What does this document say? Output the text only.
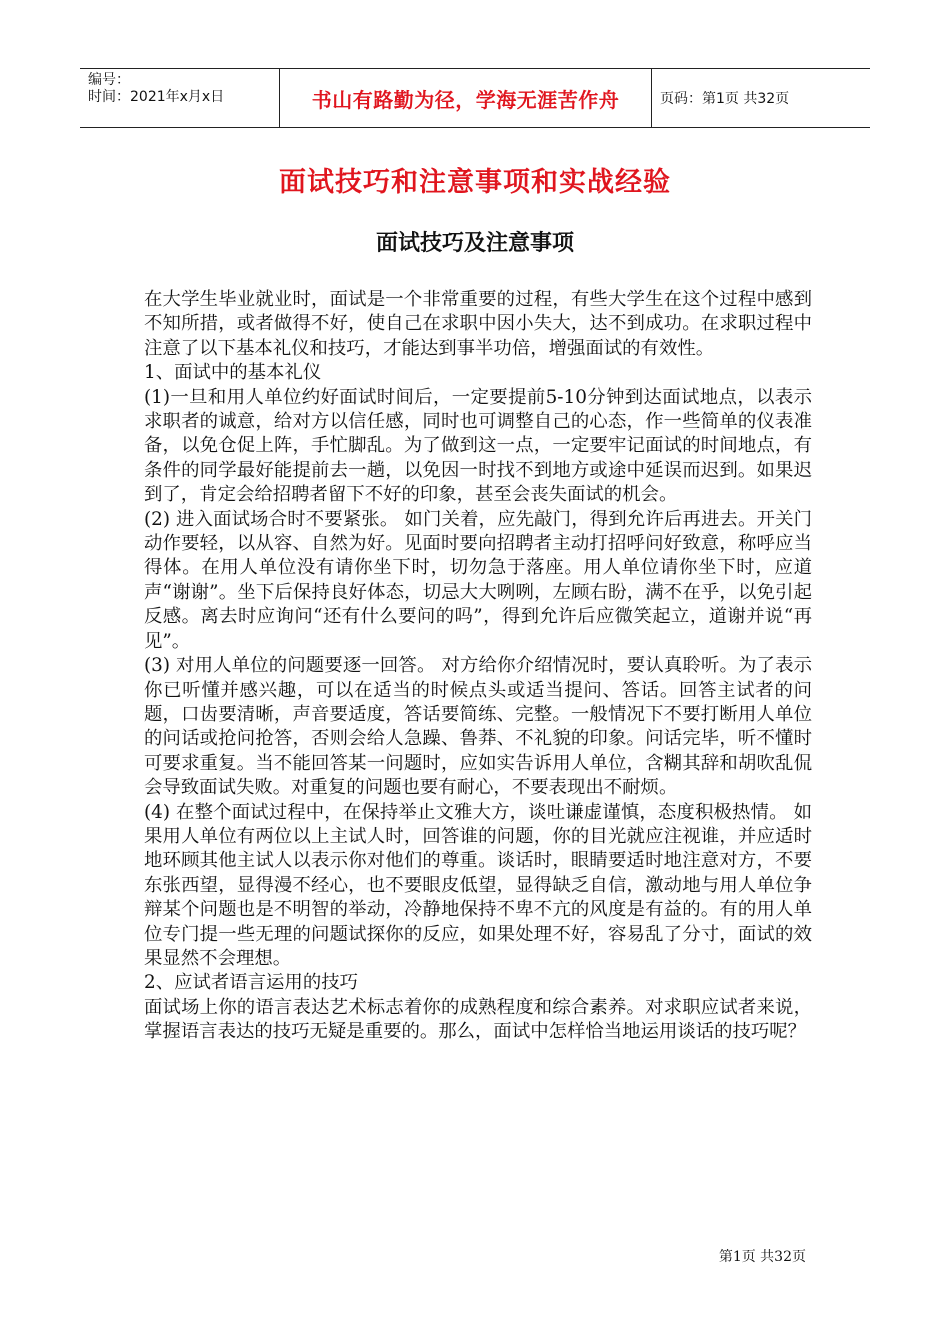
编号：
时间：2021年x月x日	书山有路勤为径，学海无涯苦作舟	页码：第1页 共32页
面试技巧和注意事项和实战经验
面试技巧及注意事项

在大学生毕业就业时，面试是一个非常重要的过程，有些大学生在这个过程中感到不知所措，或者做得不好，使自己在求职中因小失大，达不到成功。在求职过程中注意了以下基本礼仪和技巧，才能达到事半功倍，增强面试的有效性。

1、面试中的基本礼仪

(1)一旦和用人单位约好面试时间后，一定要提前5-10分钟到达面试地点，以表示求职者的诚意，给对方以信任感，同时也可调整自己的心态，作一些简单的仪表准备，以免仓促上阵，手忙脚乱。为了做到这一点，一定要牢记面试的时间地点，有条件的同学最好能提前去一趟，以免因一时找不到地方或途中延误而迟到。如果迟到了，肯定会给招聘者留下不好的印象，甚至会丧失面试的机会。

(2) 进入面试场合时不要紧张。 如门关着，应先敲门，得到允许后再进去。开关门动作要轻，以从容、自然为好。见面时要向招聘者主动打招呼问好致意，称呼应当得体。在用人单位没有请你坐下时，切勿急于落座。用人单位请你坐下时，应道声“谢谢”。坐下后保持良好体态，切忌大大咧咧，左顾右盼，满不在乎，以免引起反感。离去时应询问“还有什么要问的吗”，得到允许后应微笑起立，道谢并说“再见”。

(3) 对用人单位的问题要逐一回答。 对方给你介绍情况时，要认真聆听。为了表示你已听懂并感兴趣，可以在适当的时候点头或适当提问、答话。回答主试者的问题，口齿要清晰，声音要适度，答话要简练、完整。一般情况下不要打断用人单位的问话或抢问抢答，否则会给人急躁、鲁莽、不礼貌的印象。问话完毕，听不懂时可要求重复。当不能回答某一问题时，应如实告诉用人单位，含糊其辞和胡吹乱侃会导致面试失败。对重复的问题也要有耐心，不要表现出不耐烦。

(4) 在整个面试过程中，在保持举止文雅大方，谈吐谦虚谨慎，态度积极热情。 如果用人单位有两位以上主试人时，回答谁的问题，你的目光就应注视谁，并应适时地环顾其他主试人以表示你对他们的尊重。谈话时，眼睛要适时地注意对方，不要东张西望，显得漫不经心，也不要眼皮低望，显得缺乏自信，激动地与用人单位争辩某个问题也是不明智的举动，冷静地保持不卑不亢的风度是有益的。有的用人单位专门提一些无理的问题试探你的反应，如果处理不好，容易乱了分寸，面试的效果显然不会理想。

2、应试者语言运用的技巧

面试场上你的语言表达艺术标志着你的成熟程度和综合素养。对求职应试者来说，掌握语言表达的技巧无疑是重要的。那么，面试中怎样恰当地运用谈话的技巧呢？

第1页 共32页
